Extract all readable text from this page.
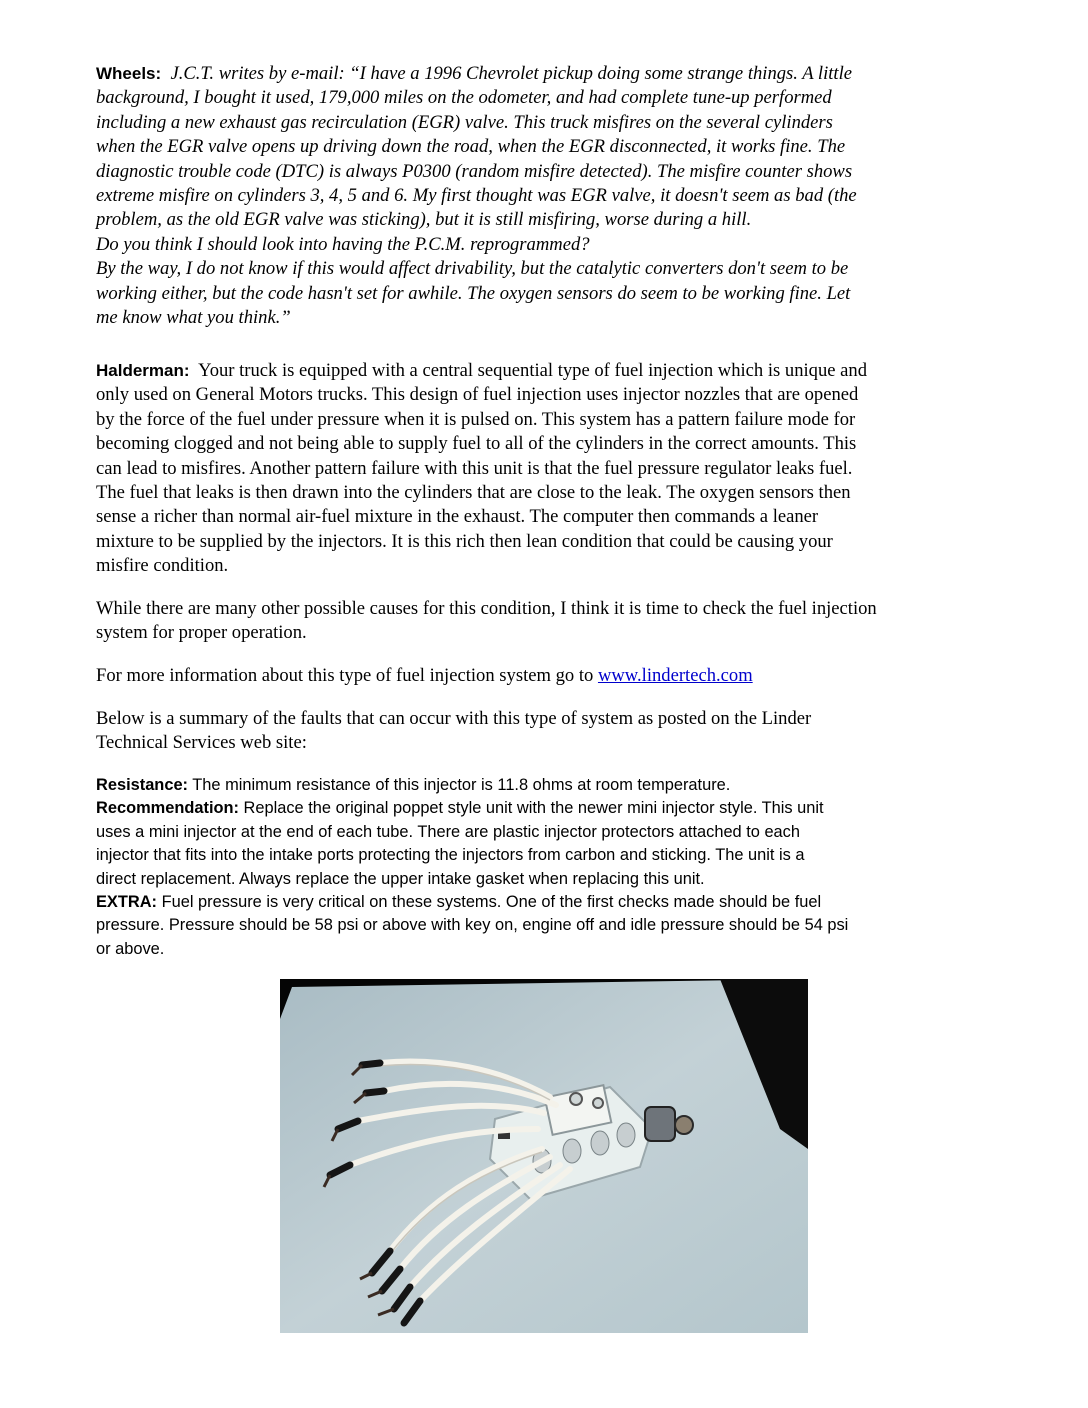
Wheels: J.C.T. writes by e-mail: “I have a 1996 Chevrolet pickup doing some strange things. A little

background, I bought it used, 179,000 miles on the odometer, and had complete tune-up performed

including a new exhaust gas recirculation (EGR) valve. This truck misfires on the several cylinders

when the EGR valve opens up driving down the road, when the EGR disconnected, it works fine. The

diagnostic trouble code (DTC) is always P0300 (random misfire detected). The misfire counter shows

extreme misfire on cylinders 3, 4, 5 and 6. My first thought was EGR valve, it doesn't seem as bad (the

problem, as the old EGR valve was sticking), but it is still misfiring, worse during a hill.

Do you think I should look into having the P.C.M. reprogrammed?

By the way, I do not know if this would affect drivability, but the catalytic converters don't seem to be

working either, but the code hasn't set for awhile. The oxygen sensors do seem to be working fine. Let

me know what you think.”

Halderman: Your truck is equipped with a central sequential type of fuel injection which is unique and

only used on General Motors trucks. This design of fuel injection uses injector nozzles that are opened

by the force of the fuel under pressure when it is pulsed on. This system has a pattern failure mode for

becoming clogged and not being able to supply fuel to all of the cylinders in the correct amounts. This

can lead to misfires. Another pattern failure with this unit is that the fuel pressure regulator leaks fuel.

The fuel that leaks is then drawn into the cylinders that are close to the leak. The oxygen sensors then

sense a richer than normal air-fuel mixture in the exhaust. The computer then commands a leaner

mixture to be supplied by the injectors. It is this rich then lean condition that could be causing your

misfire condition.

While there are many other possible causes for this condition, I think it is time to check the fuel injection
system for proper operation.
For more information about this type of fuel injection system go to www.lindertech.com
Below is a summary of the faults that can occur with this type of system as posted on the Linder
Technical Services web site:

Resistance: The minimum resistance of this injector is 11.8 ohms at room temperature.

Recommendation: Replace the original poppet style unit with the newer mini injector style. This unit

uses a mini injector at the end of each tube. There are plastic injector protectors attached to each

injector that fits into the intake ports protecting the injectors from carbon and sticking. The unit is a

direct replacement. Always replace the upper intake gasket when replacing this unit.

EXTRA: Fuel pressure is very critical on these systems. One of the first checks made should be fuel

pressure. Pressure should be 58 psi or above with key on, engine off and idle pressure should be 54 psi

or above.
